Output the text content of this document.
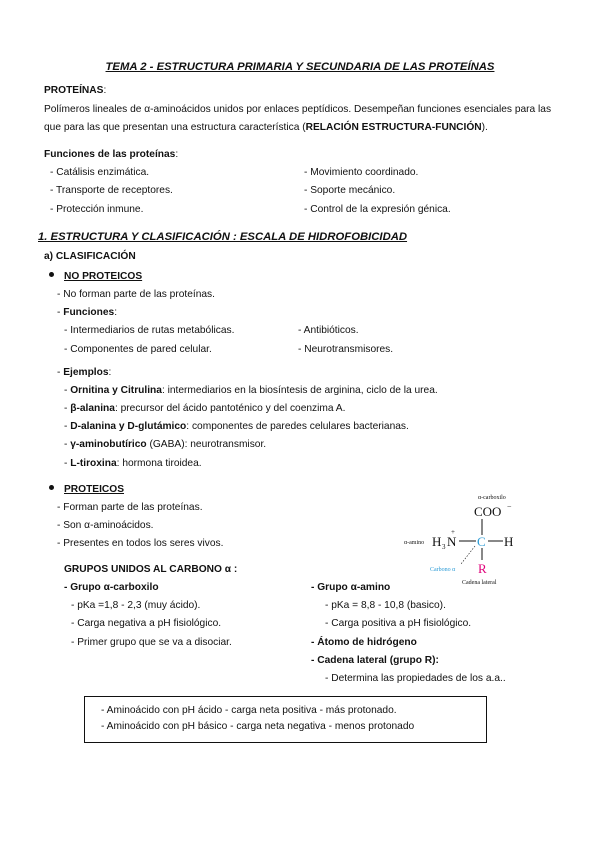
TEMA 2 - ESTRUCTURA PRIMARIA Y SECUNDARIA DE LAS PROTEÍNAS
PROTEÍNAS:
Polímeros lineales de α-aminoácidos unidos por enlaces peptídicos. Desempeñan funciones esenciales para las
que para las que presentan una estructura característica (RELACIÓN ESTRUCTURA-FUNCIÓN).
Funciones de las proteínas:
- Catálisis enzimática.
- Transporte de receptores.
- Protección inmune.
- Movimiento coordinado.
- Soporte mecánico.
- Control de la expresión génica.
1. ESTRUCTURA Y CLASIFICACIÓN : ESCALA DE HIDROFOBICIDAD
a) CLASIFICACIÓN
NO PROTEICOS
- No forman parte de las proteínas.
- Funciones:
- Intermediarios de rutas metabólicas.
- Componentes de pared celular.
- Antibióticos.
- Neurotransmisores.
- Ejemplos:
- Ornitina y Citrulina: intermediarios en la biosíntesis de arginina, ciclo de la urea.
- β-alanina: precursor del ácido pantoténico y del coenzima A.
- D-alanina y D-glutámico: componentes de paredes celulares bacterianas.
- γ-aminobutírico (GABA): neurotransmisor.
- L-tiroxina: hormona tiroidea.
PROTEICOS
- Forman parte de las proteínas.
- Son α-aminoácidos.
- Presentes en todos los seres vivos.
α-carboxilo
COO −
α-amino H 3 N
+
C H
Carbono α R
Cadena lateral
GRUPOS UNIDOS AL CARBONO α :
- Grupo α-carboxilo
- pKa =1,8 - 2,3 (muy ácido).
- Carga negativa a pH fisiológico.
- Primer grupo que se va a disociar.
- Grupo α-amino
- pKa = 8,8 - 10,8 (basico).
- Carga positiva a pH fisiológico.
- Átomo de hidrógeno
- Cadena lateral (grupo R):
- Determina las propiedades de los a.a..
- Aminoácido con pH ácido - carga neta positiva - más protonado.
- Aminoácido con pH básico - carga neta negativa - menos protonado
